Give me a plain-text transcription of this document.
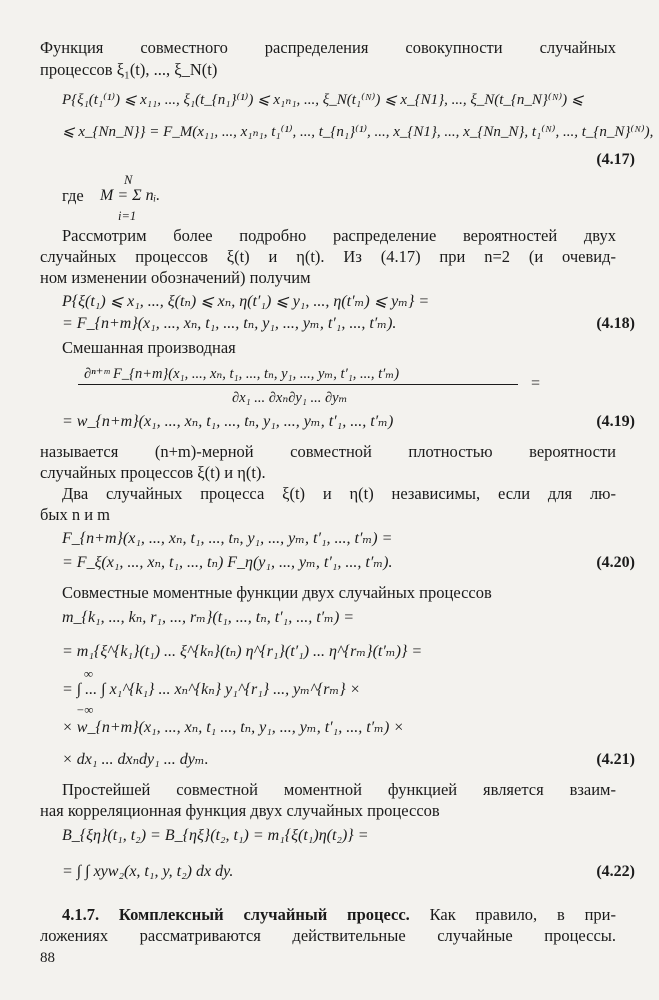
Функция совместного распределения совокупности случайных
процессов ξ₁(t), ..., ξ_N(t)
P{ξ₁(t₁⁽¹⁾) ⩽ x₁₁, ..., ξ₁(t_{n₁}⁽¹⁾) ⩽ x₁ₙ₁, ..., ξ_N(t₁⁽ᴺ⁾) ⩽ x_{N1}, ..., ξ_N(t_{n_N}⁽ᴺ⁾) ⩽
⩽ x_{Nn_N}} = F_M(x₁₁, ..., x₁ₙ₁, t₁⁽¹⁾, ..., t_{n₁}⁽¹⁾, ..., x_{N1}, ..., x_{Nn_N}, t₁⁽ᴺ⁾, ..., t_{n_N}⁽ᴺ⁾),
(4.17)
где
N
M = Σ nᵢ.
i=1
Рассмотрим более подробно распределение вероятностей двух
случайных процессов ξ(t) и η(t). Из (4.17) при n=2 (и очевид-
ном изменении обозначений) получим
P{ξ(t₁) ⩽ x₁, ..., ξ(tₙ) ⩽ xₙ, η(t′₁) ⩽ y₁, ..., η(t′ₘ) ⩽ yₘ} =
= F_{n+m}(x₁, ..., xₙ, t₁, ..., tₙ, y₁, ..., yₘ, t′₁, ..., t′ₘ).	(4.18)
Смешанная производная
∂ⁿ⁺ᵐ F_{n+m}(x₁, ..., xₙ, t₁, ..., tₙ, y₁, ..., yₘ, t′₁, ..., t′ₘ)
∂x₁ ... ∂xₙ∂y₁ ... ∂yₘ
=
= w_{n+m}(x₁, ..., xₙ, t₁, ..., tₙ, y₁, ..., yₘ, t′₁, ..., t′ₘ)	(4.19)
называется (n+m)-мерной совместной плотностью вероятности
случайных процессов ξ(t) и η(t).
Два случайных процесса ξ(t) и η(t) независимы, если для лю-
бых n и m
F_{n+m}(x₁, ..., xₙ, t₁, ..., tₙ, y₁, ..., yₘ, t′₁, ..., t′ₘ) =
= F_ξ(x₁, ..., xₙ, t₁, ..., tₙ) F_η(y₁, ..., yₘ, t′₁, ..., t′ₘ).	(4.20)
Совместные моментные функции двух случайных процессов
m_{k₁, ..., kₙ, r₁, ..., rₘ}(t₁, ..., tₙ, t′₁, ..., t′ₘ) =
= m₁{ξ^{k₁}(t₁) ... ξ^{kₙ}(tₙ) η^{r₁}(t′₁) ... η^{rₘ}(t′ₘ)} =
∞
= ∫ ... ∫ x₁^{k₁} ... xₙ^{kₙ} y₁^{r₁} ..., yₘ^{rₘ} ×
−∞
× w_{n+m}(x₁, ..., xₙ, t₁ ..., tₙ, y₁, ..., yₘ, t′₁, ..., t′ₘ) ×
× dx₁ ... dxₙdy₁ ... dyₘ.	(4.21)
Простейшей совместной моментной функцией является взаим-
ная корреляционная функция двух случайных процессов
B_{ξη}(t₁, t₂) = B_{ηξ}(t₂, t₁) = m₁{ξ(t₁)η(t₂)} =
= ∫ ∫ xyw₂(x, t₁, y, t₂) dx dy.	(4.22)
4.1.7. Комплексный случайный процесс. Как правило, в при-
ложениях рассматриваются действительные случайные процессы.
88
